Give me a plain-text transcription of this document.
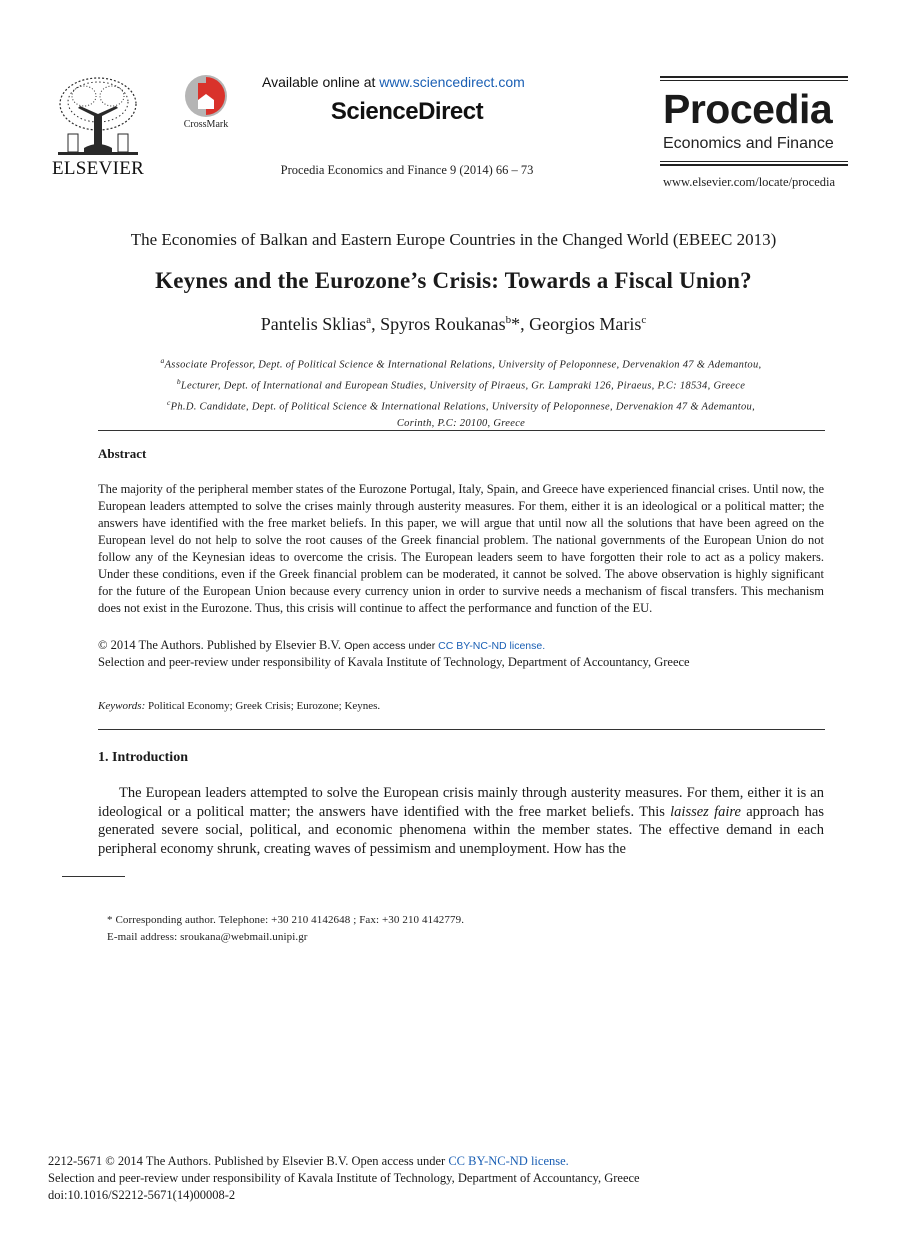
ELSEVIER
CrossMark
Available online at www.sciencedirect.com
ScienceDirect
Procedia Economics and Finance 9 (2014) 66 – 73
Procedia
Economics and Finance
www.elsevier.com/locate/procedia
The Economies of Balkan and Eastern Europe Countries in the Changed World (EBEEC 2013)
Keynes and the Eurozone’s Crisis: Towards a Fiscal Union?
Pantelis Sklias$^a$, Spyros Roukanas$^b$*, Georgios Maris$^c$
$^a$Associate Professor, Dept. of Political Science & International Relations, University of Peloponnese, Dervenakion 47 & Ademantou,
$^b$Lecturer, Dept. of International and European Studies, University of Piraeus, Gr. Lampraki 126, Piraeus, P.C: 18534, Greece
$^c$Ph.D. Candidate, Dept. of Political Science & International Relations, University of Peloponnese, Dervenakion 47 & Ademantou,
Corinth, P.C: 20100, Greece
Abstract
The majority of the peripheral member states of the Eurozone Portugal, Italy, Spain, and Greece have experienced financial crises. Until now, the European leaders attempted to solve the crises mainly through austerity measures. For them, either it is an ideological or a political matter; the answers have identified with the free market beliefs. In this paper, we will argue that until now all the solutions that have been agreed on the European level do not help to solve the root causes of the Greek financial problem. The national governments of the European Union do not follow any of the Keynesian ideas to overcome the crisis. The European leaders seem to have forgotten their role to act as a policy makers. Under these conditions, even if the Greek financial problem can be moderated, it cannot be solved. The above observation is highly significant for the future of the European Union because every currency union in order to survive needs a mechanism of fiscal transfers. This mechanism does not exist in the Eurozone. Thus, this crisis will continue to affect the performance and function of the EU.
© 2014 The Authors. Published by Elsevier B.V. Open access under CC BY-NC-ND license.
Selection and peer-review under responsibility of Kavala Institute of Technology, Department of Accountancy, Greece
Keywords: Political Economy; Greek Crisis; Eurozone; Keynes.
1. Introduction
The European leaders attempted to solve the European crisis mainly through austerity measures. For them, either it is an ideological or a political matter; the answers have identified with the free market beliefs. This laissez faire approach has generated severe social, political, and economic phenomena within the member states. The effective demand in each peripheral economy shrunk, creating waves of pessimism and unemployment. How has the
* Corresponding author. Telephone: +30 210 4142648 ; Fax: +30 210 4142779.
E-mail address: sroukana@webmail.unipi.gr
2212-5671 © 2014 The Authors. Published by Elsevier B.V. Open access under CC BY-NC-ND license.
Selection and peer-review under responsibility of Kavala Institute of Technology, Department of Accountancy, Greece
doi:10.1016/S2212-5671(14)00008-2
